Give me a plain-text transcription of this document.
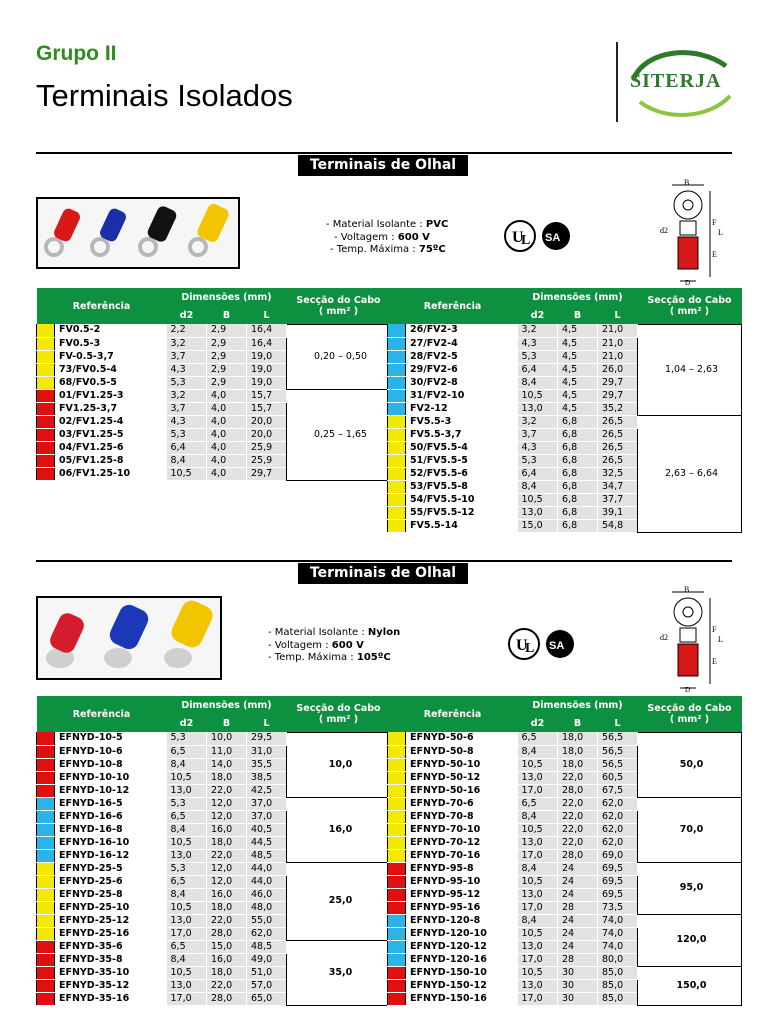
Grupo II
Terminais Isolados	SITERJA
Terminais de Olhal
- Material Isolante : PVC
- Voltagem : 600 V
- Temp. Máxima : 75ºC
U
L SA
B
F
L
E
d2
D
Referência		Dimensões (mm)			Secção do Cabo
( mm² )

		d2	B	L	
	FV0.5-2	2,2	2,9	16,4	0,20 – 0,50
	FV0.5-3	3,2	2,9	16,4	
	FV-0.5-3,7	3,7	2,9	19,0	
	73/FV0.5-4	4,3	2,9	19,0	
	68/FV0.5-5	5,3	2,9	19,0	
	01/FV1.25-3	3,2	4,0	15,7	0,25 – 1,65
	FV1.25-3,7	3,7	4,0	15,7	
	02/FV1.25-4	4,3	4,0	20,0	
	03/FV1.25-5	5,3	4,0	20,0	
	04/FV1.25-6	6,4	4,0	25,9	
	05/FV1.25-8	8,4	4,0	25,9	
	06/FV1.25-10	10,5	4,0	29,7	
Referência		Dimensões (mm)			Secção do Cabo
( mm² )

		d2	B	L	
	26/FV2-3	3,2	4,5	21,0	1,04 – 2,63
	27/FV2-4	4,3	4,5	21,0	
	28/FV2-5	5,3	4,5	21,0	
	29/FV2-6	6,4	4,5	26,0	
	30/FV2-8	8,4	4,5	29,7	
	31/FV2-10	10,5	4,5	29,7	
	FV2-12	13,0	4,5	35,2	
	FV5.5-3	3,2	6,8	26,5	2,63 – 6,64
	FV5.5-3,7	3,7	6,8	26,5	
	50/FV5.5-4	4,3	6,8	26,5	
	51/FV5.5-5	5,3	6,8	26,5	
	52/FV5.5-6	6,4	6,8	32,5	
	53/FV5.5-8	8,4	6,8	34,7	
	54/FV5.5-10	10,5	6,8	37,7	
	55/FV5.5-12	13,0	6,8	39,1	
	FV5.5-14	15,0	6,8	54,8	
Terminais de Olhal
- Material Isolante : Nylon
- Voltagem : 600 V
- Temp. Máxima : 105ºC
U
L SA
B
F
L
E
d2
D
Referência		Dimensões (mm)			Secção do Cabo
( mm² )

		d2	B	L	
	EFNYD-10-5	5,3	10,0	29,5	10,0
	EFNYD-10-6	6,5	11,0	31,0	
	EFNYD-10-8	8,4	14,0	35,5	
	EFNYD-10-10	10,5	18,0	38,5	
	EFNYD-10-12	13,0	22,0	42,5	
	EFNYD-16-5	5,3	12,0	37,0	16,0
	EFNYD-16-6	6,5	12,0	37,0	
	EFNYD-16-8	8,4	16,0	40,5	
	EFNYD-16-10	10,5	18,0	44,5	
	EFNYD-16-12	13,0	22,0	48,5	
	EFNYD-25-5	5,3	12,0	44,0	25,0
	EFNYD-25-6	6,5	12,0	44,0	
	EFNYD-25-8	8,4	16,0	46,0	
	EFNYD-25-10	10,5	18,0	48,0	
	EFNYD-25-12	13,0	22,0	55,0	
	EFNYD-25-16	17,0	28,0	62,0	
	EFNYD-35-6	6,5	15,0	48,5	35,0
	EFNYD-35-8	8,4	16,0	49,0	
	EFNYD-35-10	10,5	18,0	51,0	
	EFNYD-35-12	13,0	22,0	57,0	
	EFNYD-35-16	17,0	28,0	65,0	
Referência		Dimensões (mm)			Secção do Cabo
( mm² )

		d2	B	L	
	EFNYD-50-6	6,5	18,0	56,5	50,0
	EFNYD-50-8	8,4	18,0	56,5	
	EFNYD-50-10	10,5	18,0	56,5	
	EFNYD-50-12	13,0	22,0	60,5	
	EFNYD-50-16	17,0	28,0	67,5	
	EFNYD-70-6	6,5	22,0	62,0	70,0
	EFNYD-70-8	8,4	22,0	62,0	
	EFNYD-70-10	10,5	22,0	62,0	
	EFNYD-70-12	13,0	22,0	62,0	
	EFNYD-70-16	17,0	28,0	69,0	
	EFNYD-95-8	8,4	24	69,5	95,0
	EFNYD-95-10	10,5	24	69,5	
	EFNYD-95-12	13,0	24	69,5	
	EFNYD-95-16	17,0	28	73,5	
	EFNYD-120-8	8,4	24	74,0	120,0
	EFNYD-120-10	10,5	24	74,0	
	EFNYD-120-12	13,0	24	74,0	
	EFNYD-120-16	17,0	28	80,0	
	EFNYD-150-10	10,5	30	85,0	150,0
	EFNYD-150-12	13,0	30	85,0	
	EFNYD-150-16	17,0	30	85,0	
